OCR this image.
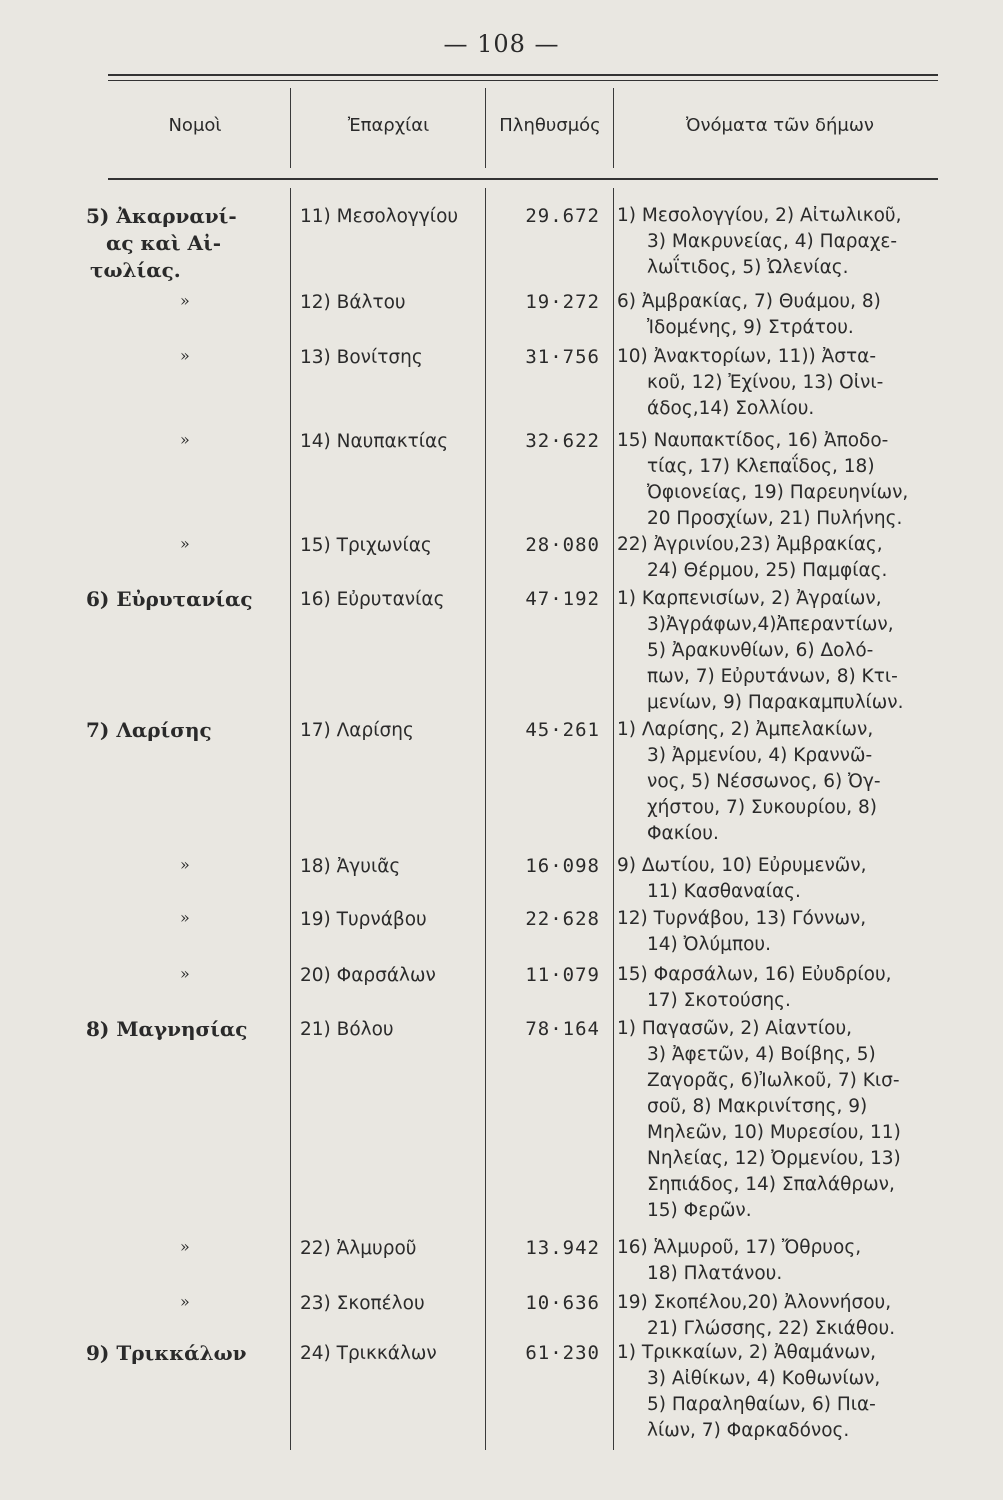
— 108 —
Νομοὶ	Ἐπαρχίαι	Πληθυσμός	Ὀνόματα τῶν δήμων
5) Ἀκαρνανί-
ας καὶ Αἰ-
τωλίας.
11) Μεσολογγίου	29.672 1) Μεσολογγίου, 2) Αἰτωλικοῦ,
3) Μακρυνείας, 4) Παραχε-
λωΐτιδος, 5) Ὠλενίας.
»	12) Βάλτου	19·272 6) Ἀμβρακίας, 7) Θυάμου, 8)
Ἰδομένης, 9) Στράτου.
»	13) Βονίτσης	31·756 10) Ἀνακτορίων, 11)) Ἀστα-
κοῦ, 12) Ἐχίνου, 13) Οἰνι-
άδος,14) Σολλίου.
»	14) Ναυπακτίας	32·622 15) Ναυπακτίδος, 16) Ἀποδο-
τίας, 17) Κλεπαΐδος, 18)
Ὀφιονείας, 19) Παρευηνίων,
20 Προσχίων, 21) Πυλήνης.
»	15) Τριχωνίας	28·080 22) Ἀγρινίου,23) Ἀμβρακίας,
24) Θέρμου, 25) Παμφίας.
6) Εὐρυτανίας	16) Εὐρυτανίας	47·192 1) Καρπενισίων, 2) Ἀγραίων,
3)Ἀγράφων,4)Ἀπεραντίων,
5) Ἀρακυνθίων, 6) Δολό-
πων, 7) Εὐρυτάνων, 8) Κτι-
μενίων, 9) Παρακαμπυλίων.
7) Λαρίσης	17) Λαρίσης	45·261 1) Λαρίσης, 2) Ἀμπελακίων,
3) Ἀρμενίου, 4) Κραννῶ-
νος, 5) Νέσσωνος, 6) Ὀγ-
χήστου, 7) Συκουρίου, 8)
Φακίου.
»	18) Ἀγυιᾶς	16·098 9) Δωτίου, 10) Εὐρυμενῶν,
11) Κασθαναίας.
»	19) Τυρνάβου	22·628 12) Τυρνάβου, 13) Γόννων,
14) Ὀλύμπου.
»	20) Φαρσάλων	11·079 15) Φαρσάλων, 16) Εὐυδρίου,
17) Σκοτούσης.
8) Μαγνησίας	21) Βόλου	78·164 1) Παγασῶν, 2) Αἰαντίου,
3) Ἀφετῶν, 4) Βοίβης, 5)
Ζαγορᾶς, 6)Ἰωλκοῦ, 7) Κισ-
σοῦ, 8) Μακρινίτσης, 9)
Μηλεῶν, 10) Μυρεσίου, 11)
Νηλείας, 12) Ὀρμενίου, 13)
Σηπιάδος, 14) Σπαλάθρων,
15) Φερῶν.
»	22) Ἁλμυροῦ	13.942 16) Ἁλμυροῦ, 17) Ὄθρυος,
18) Πλατάνου.
»	23) Σκοπέλου	10·636 19) Σκοπέλου,20) Ἀλοννήσου,
21) Γλώσσης, 22) Σκιάθου.
9) Τρικκάλων	24) Τρικκάλων	61·230 1) Τρικκαίων, 2) Ἀθαμάνων,
3) Αἰθίκων, 4) Κοθωνίων,
5) Παραληθαίων, 6) Πια-
λίων, 7) Φαρκαδόνος.
